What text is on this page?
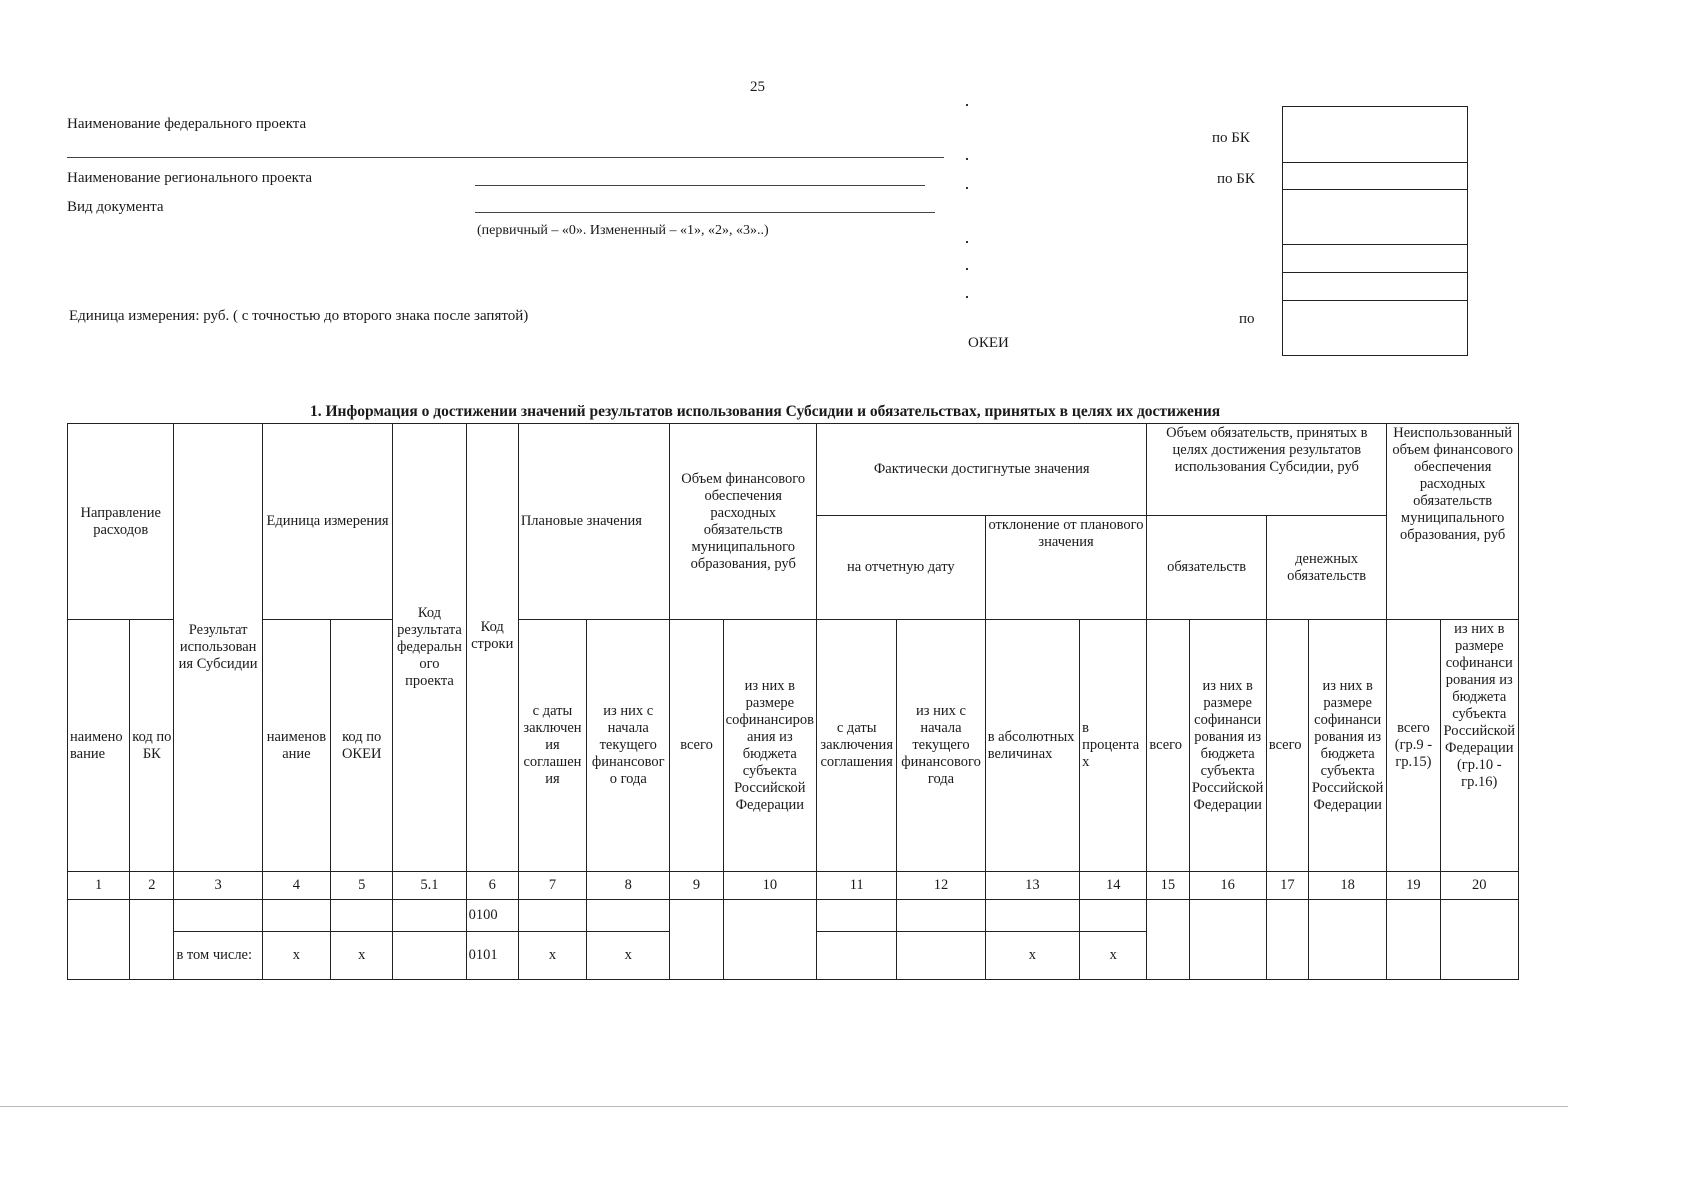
25
Наименование федерального проекта
Наименование регионального проекта
Вид документа
(первичный – «0». Измененный – «1», «2», «3»..)
Единица измерения: руб. ( с точностью до второго знака после запятой)
ОКЕИ
по БК
по БК
по
1. Информация о достижении значений результатов использования Субсидии и обязательствах, принятых в целях их достижения
Направление расходов		Результат использования Субсидии	Единица измерения		Код результата федерального проекта	Код строки	Плановые значения		Объем финансового обеспечения расходных обязательств муниципального образования, руб		Фактически достигнутые значения				Объем обязательств, принятых в целях достижения результатов использования Субсидии, руб				Неиспользованный объем финансового обеспечения расходных обязательств муниципального образования, руб	
											на отчетную дату		отклонение от планового значения		обязательств		денежных обязательств			
наименование	код по БК		наименование	код по ОКЕИ			с даты заключения соглашения	из них с начала текущего финансового года	всего	из них в размере софинансирования из бюджета субъекта Российской Федерации	с даты заключения соглашения	из них с начала текущего финансового года	в абсолютных величинах	в процентах	всего	из них в размере софинансирования из бюджета субъекта Российской Федерации	всего	из них в размере софинансирования из бюджета субъекта Российской Федерации	всего (гр.9 - гр.15)	из них в размере софинансирования из бюджета субъекта Российской Федерации (гр.10 - гр.16)
1	2	3	4	5	5.1	6	7	8	9	10	11	12	13	14	15	16	17	18	19	20
						0100														
		в том числе:	x	x		0101	x	x					x	x						
